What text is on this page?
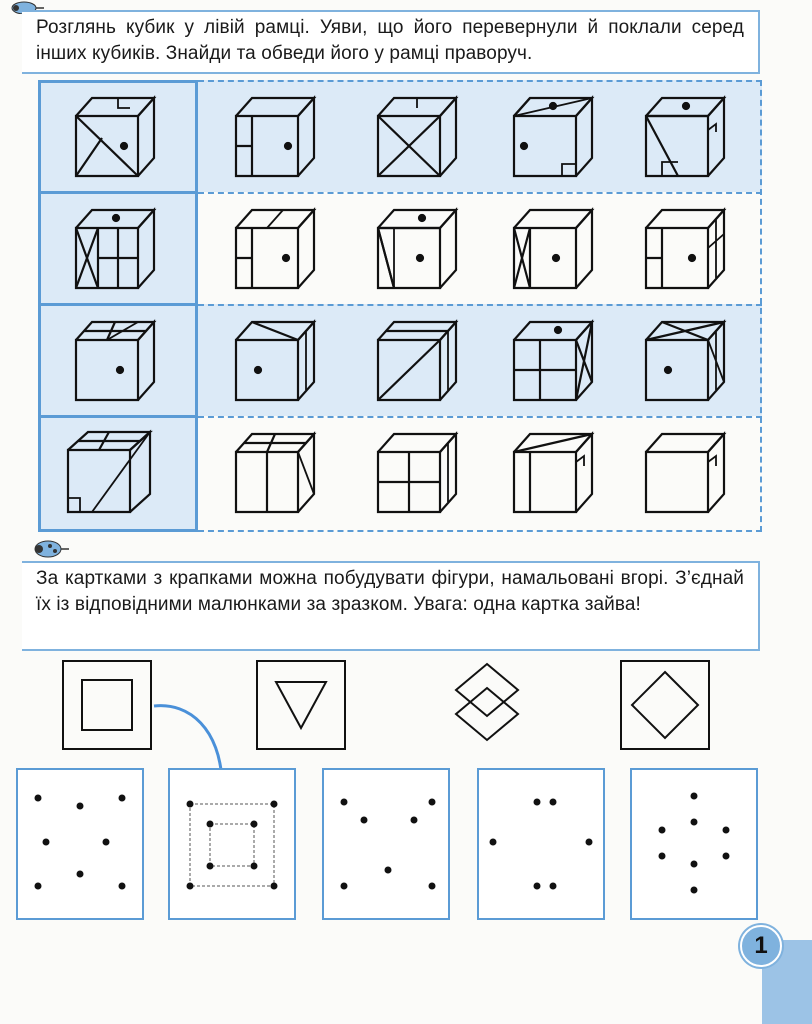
Розглянь кубик у лівій рамці. Уяви, що його перевернули й поклали серед інших кубиків. Знайди та обведи його у рамці праворуч.

За картками з крапками можна побудувати фігури, намальовані вгорі. З’єднай їх із відповідними малюнками за зразком. Увага: одна картка зайва!

1
